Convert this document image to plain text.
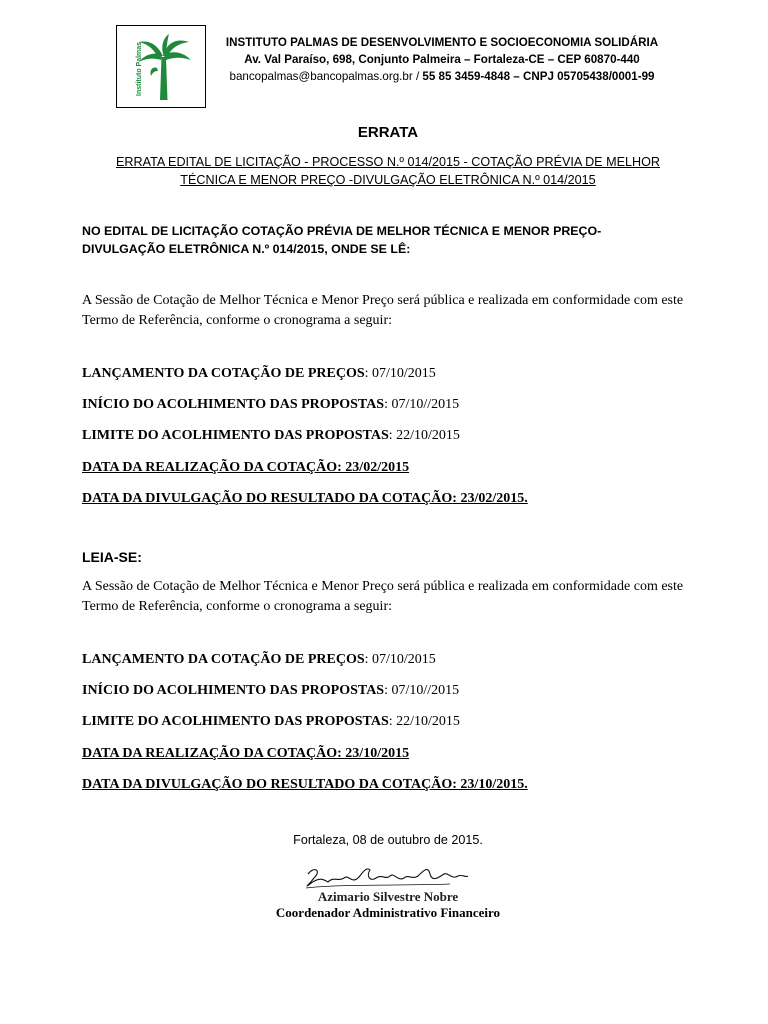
Instituto Palmas	INSTITUTO PALMAS DE DESENVOLVIMENTO E SOCIOECONOMIA SOLIDÁRIA
Av. Val Paraíso, 698, Conjunto Palmeira – Fortaleza-CE – CEP 60870-440
bancopalmas@bancopalmas.org.br / 55 85 3459-4848 – CNPJ 05705438/0001-99
ERRATA
ERRATA EDITAL DE LICITAÇÃO - PROCESSO N.º 014/2015 - COTAÇÃO PRÉVIA DE MELHOR
TÉCNICA E MENOR PREÇO -DIVULGAÇÃO ELETRÔNICA N.º 014/2015
NO EDITAL DE LICITAÇÃO COTAÇÃO PRÉVIA DE MELHOR TÉCNICA E MENOR PREÇO-
DIVULGAÇÃO ELETRÔNICA N.º 014/2015, ONDE SE LÊ:
A Sessão de Cotação de Melhor Técnica e Menor Preço será pública e realizada em conformidade com este Termo de Referência, conforme o cronograma a seguir:
LANÇAMENTO DA COTAÇÃO DE PREÇOS: 07/10/2015
INÍCIO DO ACOLHIMENTO DAS PROPOSTAS: 07/10//2015
LIMITE DO ACOLHIMENTO DAS PROPOSTAS: 22/10/2015
DATA DA REALIZAÇÃO DA COTAÇÃO: 23/02/2015
DATA DA DIVULGAÇÃO DO RESULTADO DA COTAÇÃO: 23/02/2015.
LEIA-SE:
A Sessão de Cotação de Melhor Técnica e Menor Preço será pública e realizada em conformidade com este Termo de Referência, conforme o cronograma a seguir:
LANÇAMENTO DA COTAÇÃO DE PREÇOS: 07/10/2015
INÍCIO DO ACOLHIMENTO DAS PROPOSTAS: 07/10//2015
LIMITE DO ACOLHIMENTO DAS PROPOSTAS: 22/10/2015
DATA DA REALIZAÇÃO DA COTAÇÃO: 23/10/2015
DATA DA DIVULGAÇÃO DO RESULTADO DA COTAÇÃO: 23/10/2015.
Fortaleza, 08 de outubro de 2015.
Azimario Silvestre Nobre
Coordenador Administrativo Financeiro
